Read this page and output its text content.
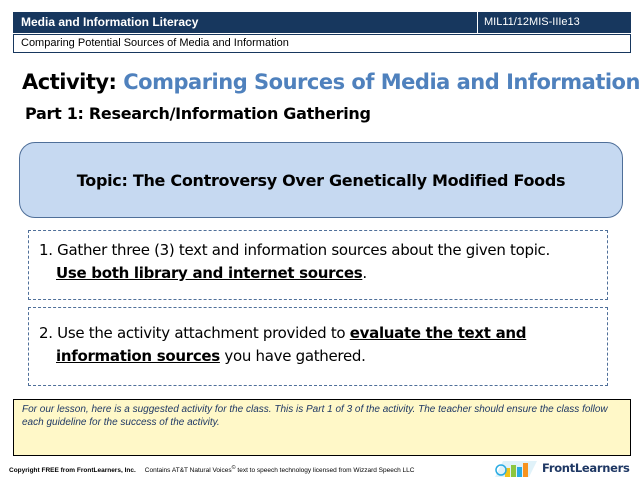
Media and Information Literacy	MIL11/12MIS-IIIe13
Comparing Potential Sources of Media and Information
Activity: Comparing Sources of Media and Information
Part 1: Research/Information Gathering
Topic: The Controversy Over Genetically Modified Foods
1. Gather three (3) text and information sources about the given topic.
Use both library and internet sources.
2. Use the activity attachment provided to evaluate the text and
information sources you have gathered.
For our lesson, here is a suggested activity for the class. This is Part 1 of 3 of the activity. The teacher should ensure the class follow each guideline for the success of the activity.
Copyright FREE from FrontLearners, Inc. Contains AT&T Natural Voices© text to speech technology licensed from Wizzard Speech LLC	FrontLearners
